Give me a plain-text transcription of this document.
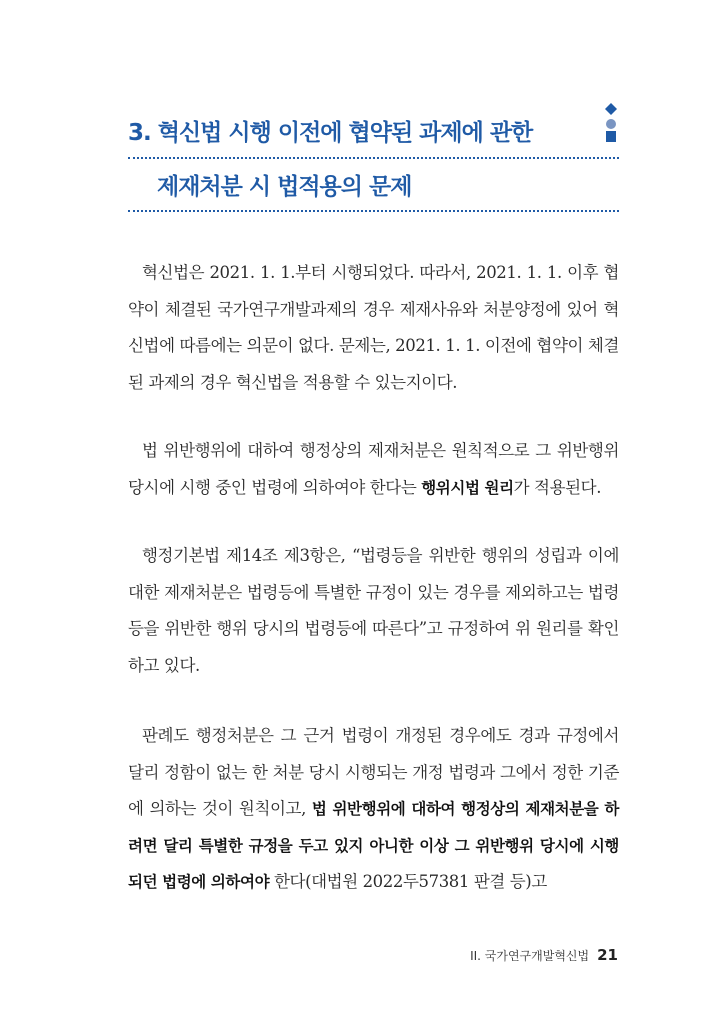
3. 혁신법 시행 이전에 협약된 과제에 관한
제재처분 시 법적용의 문제
혁신법은 2021. 1. 1.부터 시행되었다. 따라서, 2021. 1. 1. 이후 협약이 체결된 국가연구개발과제의 경우 제재사유와 처분양정에 있어 혁신법에 따름에는 의문이 없다. 문제는, 2021. 1. 1. 이전에 협약이 체결된 과제의 경우 혁신법을 적용할 수 있는지이다.
법 위반행위에 대하여 행정상의 제재처분은 원칙적으로 그 위반행위 당시에 시행 중인 법령에 의하여야 한다는 행위시법 원리가 적용된다.
행정기본법 제14조 제3항은, “법령등을 위반한 행위의 성립과 이에 대한 제재처분은 법령등에 특별한 규정이 있는 경우를 제외하고는 법령등을 위반한 행위 당시의 법령등에 따른다”고 규정하여 위 원리를 확인하고 있다.
판례도 행정처분은 그 근거 법령이 개정된 경우에도 경과 규정에서 달리 정함이 없는 한 처분 당시 시행되는 개정 법령과 그에서 정한 기준에 의하는 것이 원칙이고, 법 위반행위에 대하여 행정상의 제재처분을 하려면 달리 특별한 규정을 두고 있지 아니한 이상 그 위반행위 당시에 시행되던 법령에 의하여야 한다(대법원 2022두57381 판결 등)고
II. 국가연구개발혁신법 21
